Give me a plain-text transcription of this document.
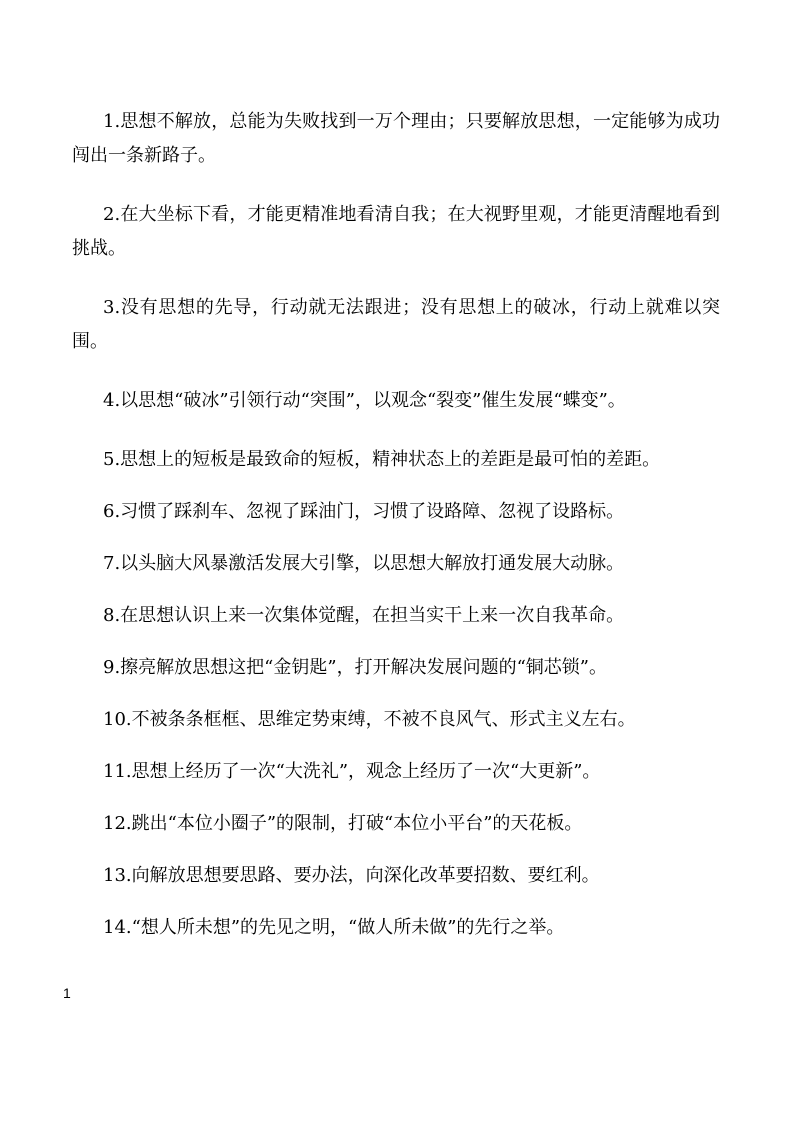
1.思想不解放，总能为失败找到一万个理由；只要解放思想，一定能够为成功闯出一条新路子。

2.在大坐标下看，才能更精准地看清自我；在大视野里观，才能更清醒地看到挑战。

3.没有思想的先导，行动就无法跟进；没有思想上的破冰，行动上就难以突围。

4.以思想“破冰”引领行动“突围”，以观念“裂变”催生发展“蝶变”。

5.思想上的短板是最致命的短板，精神状态上的差距是最可怕的差距。

6.习惯了踩刹车、忽视了踩油门，习惯了设路障、忽视了设路标。

7.以头脑大风暴激活发展大引擎，以思想大解放打通发展大动脉。

8.在思想认识上来一次集体觉醒，在担当实干上来一次自我革命。

9.擦亮解放思想这把“金钥匙”，打开解决发展问题的“铜芯锁”。

10.不被条条框框、思维定势束缚，不被不良风气、形式主义左右。

11.思想上经历了一次“大洗礼”，观念上经历了一次“大更新”。

12.跳出“本位小圈子”的限制，打破“本位小平台”的天花板。

13.向解放思想要思路、要办法，向深化改革要招数、要红利。

14.“想人所未想”的先见之明，“做人所未做”的先行之举。

1
